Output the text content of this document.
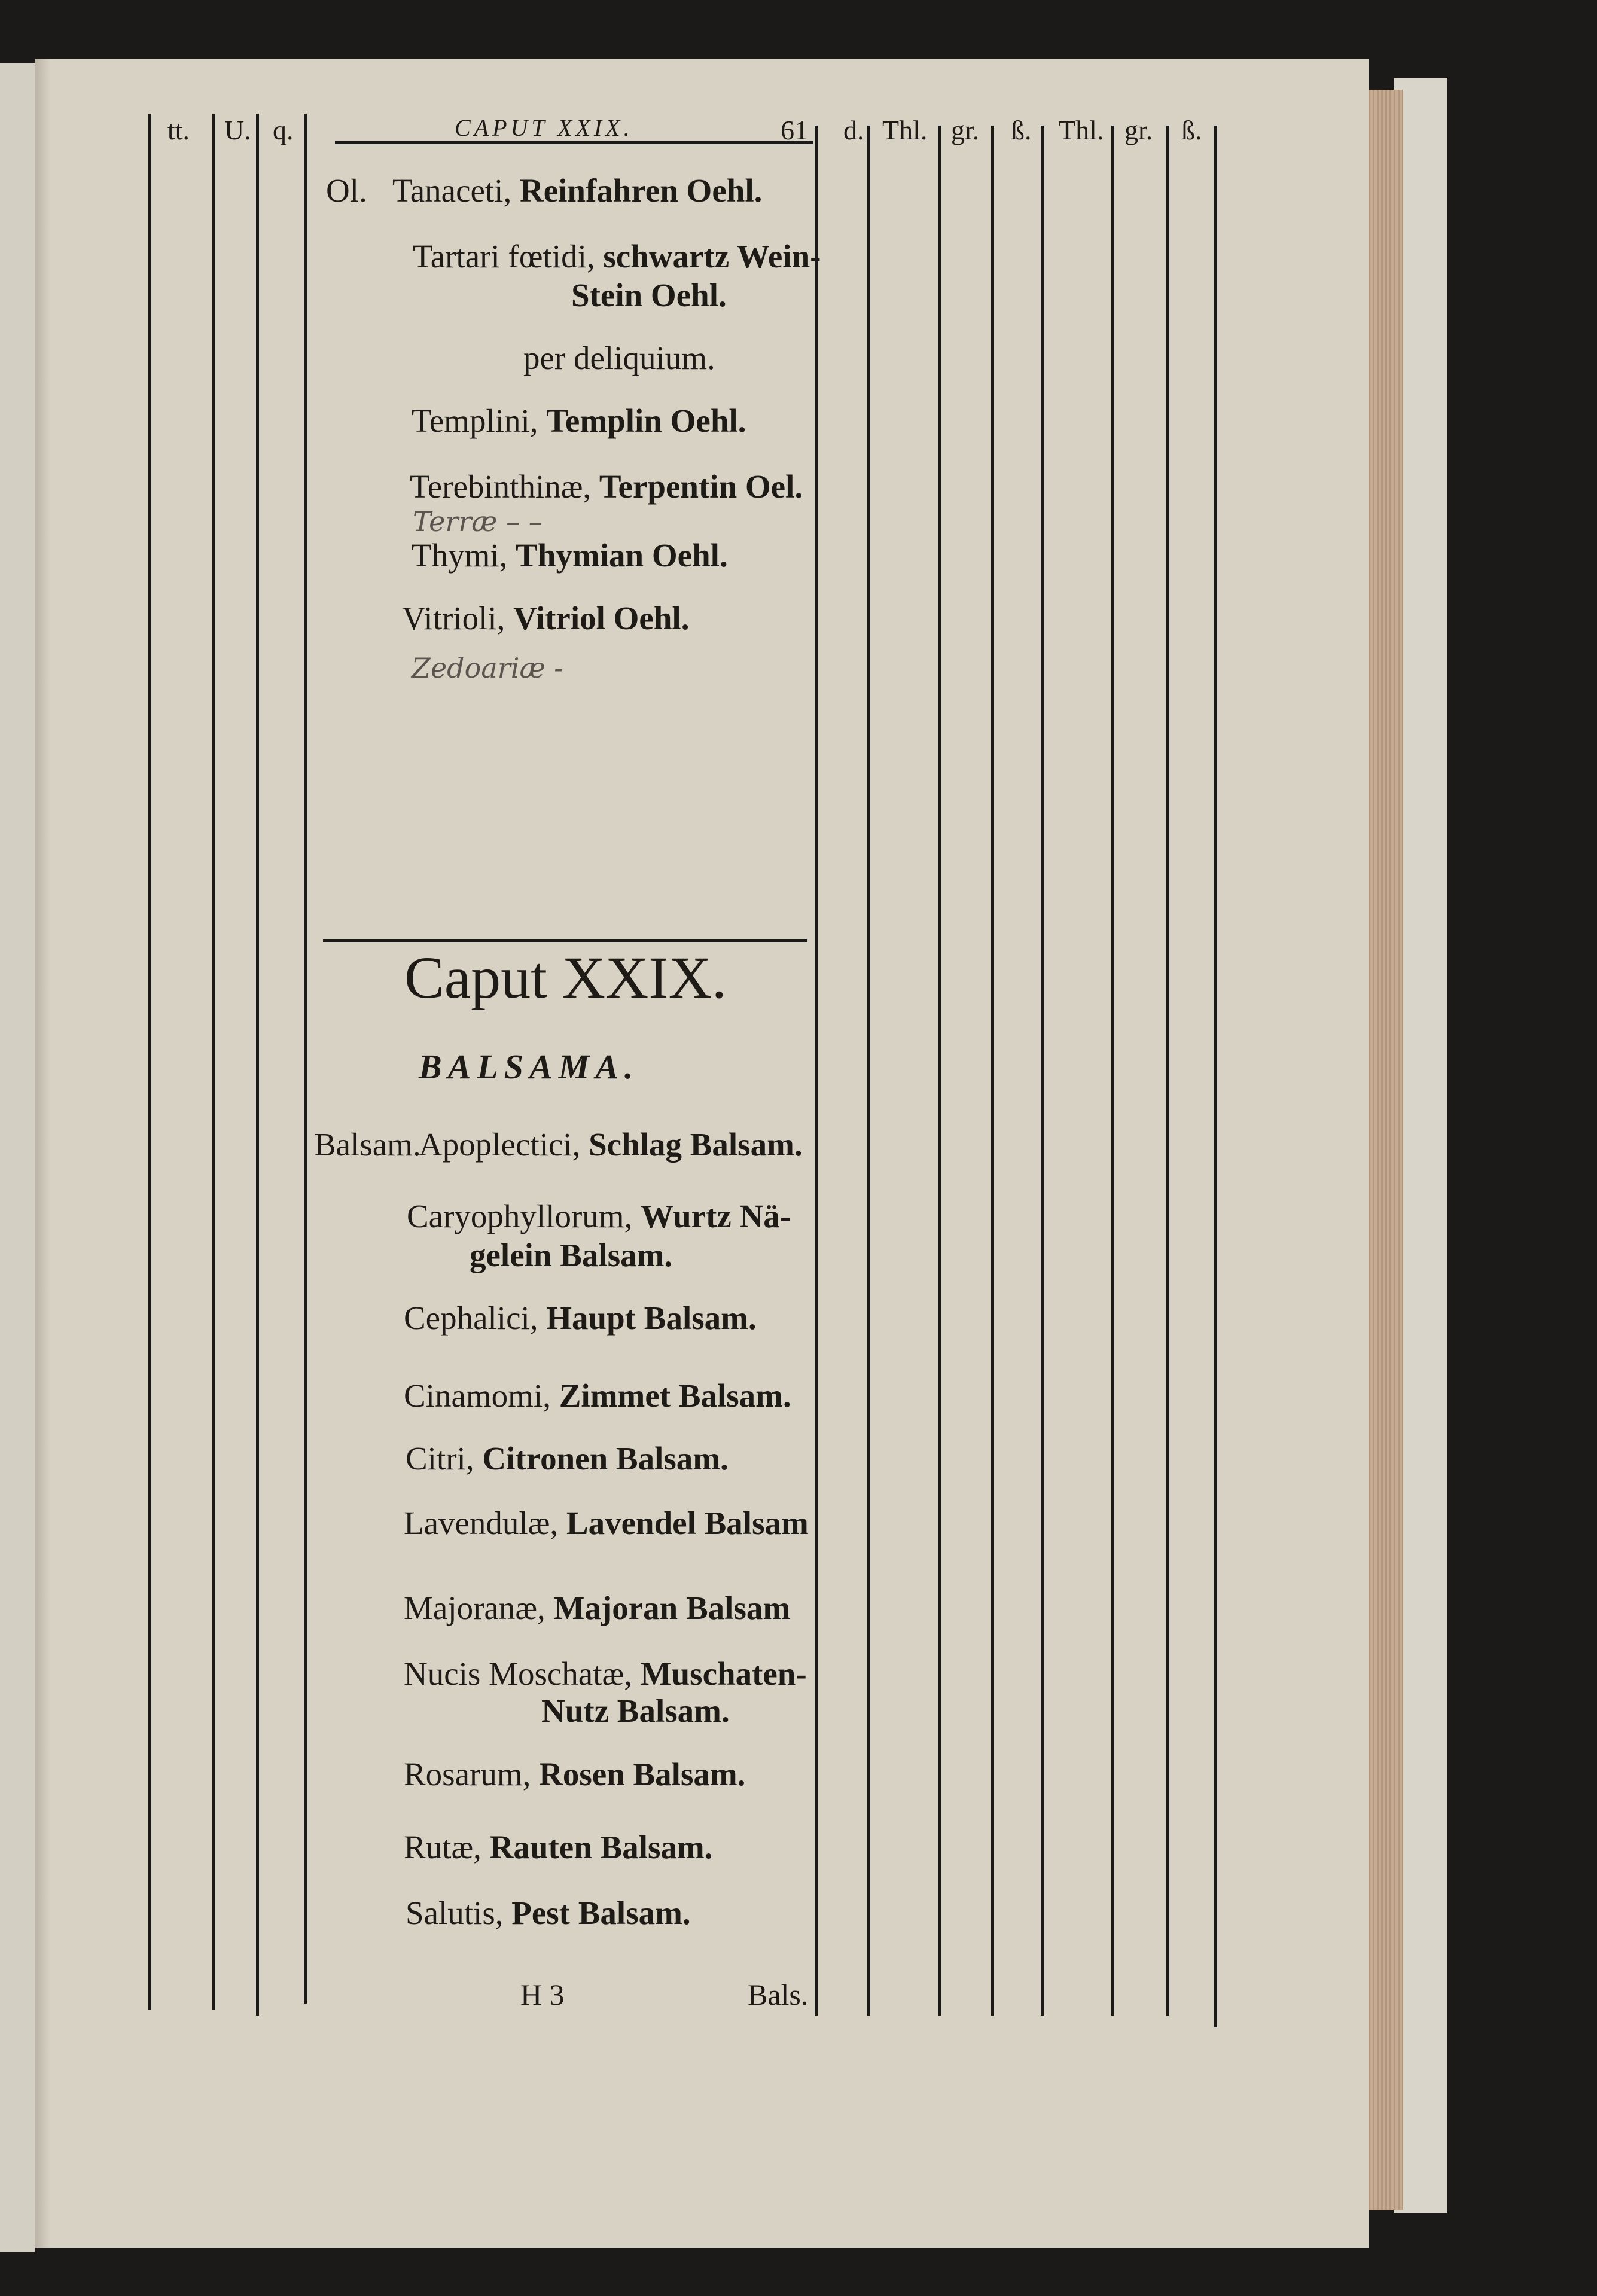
tt. U. q.	CAPUT XXIX.	61 d. Thl. gr. ß. Thl. gr. ß.
Ol. Tanaceti, Reinfahren Oehl.
Tartari fœtidi, schwartz Wein-
Stein Oehl.
per deliquium.
Templini, Templin Oehl.
Terebinthinæ, Terpentin Oel.
Terræ – –
Thymi, Thymian Oehl.
Vitrioli, Vitriol Oehl.
Zedoariæ -
Caput XXIX.
BALSAMA.
Balsam.
Apoplectici, Schlag Balsam.
Caryophyllorum, Wurtz Nä-
gelein Balsam.
Cephalici, Haupt Balsam.
Cinamomi, Zimmet Balsam.
Citri, Citronen Balsam.
Lavendulæ, Lavendel Balsam
Majoranæ, Majoran Balsam
Nucis Moschatæ, Muschaten-
Nutz Balsam.
Rosarum, Rosen Balsam.
Rutæ, Rauten Balsam.
Salutis, Pest Balsam.
H 3	Bals.
